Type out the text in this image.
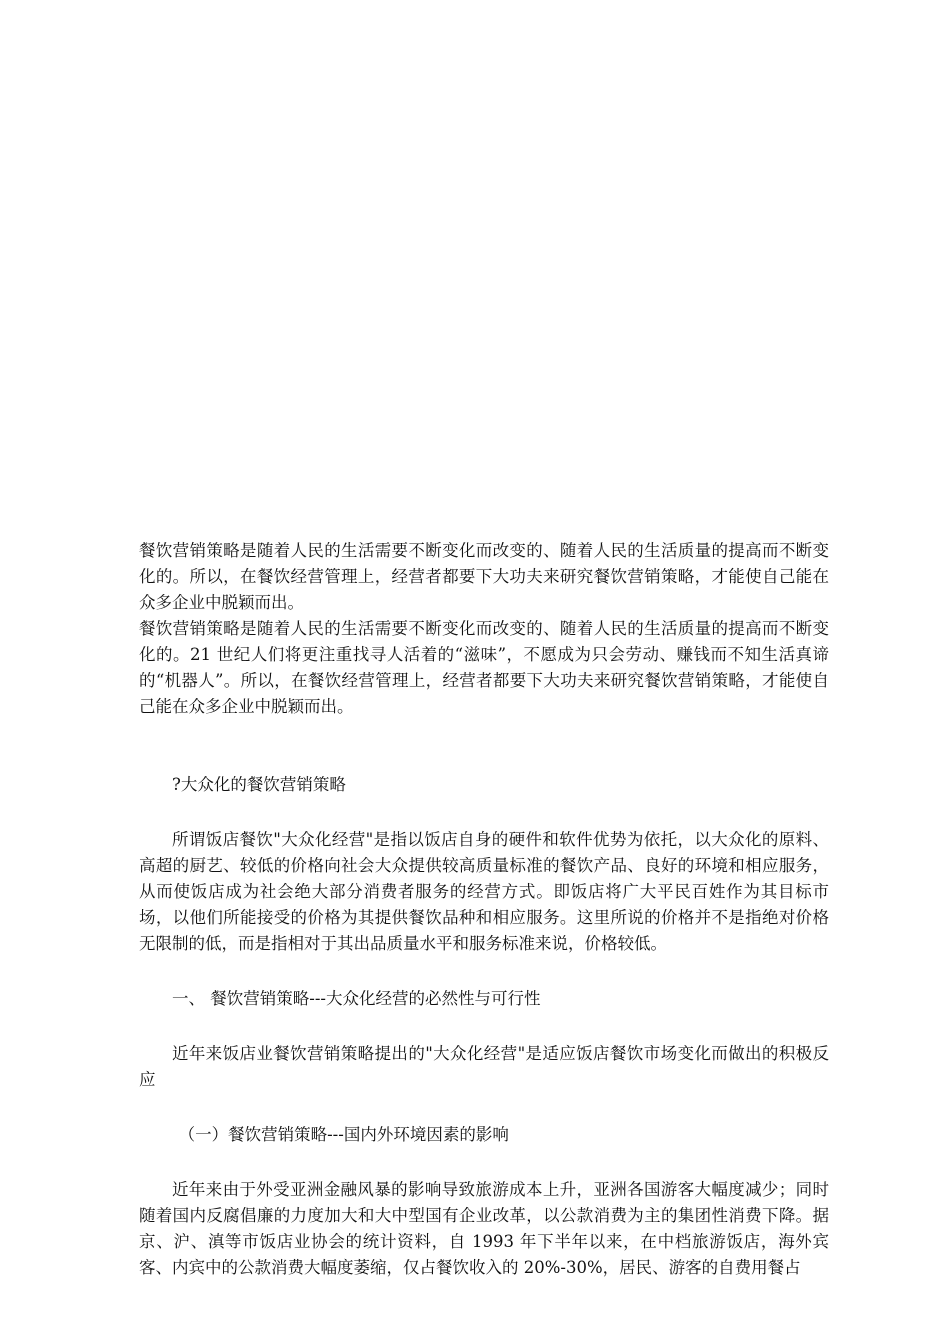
餐饮营销策略是随着人民的生活需要不断变化而改变的、随着人民的生活质量的提高而不断变化的。所以，在餐饮经营管理上，经营者都要下大功夫来研究餐饮营销策略，才能使自己能在众多企业中脱颖而出。

餐饮营销策略是随着人民的生活需要不断变化而改变的、随着人民的生活质量的提高而不断变化的。21 世纪人们将更注重找寻人活着的“滋味”，不愿成为只会劳动、赚钱而不知生活真谛的“机器人”。所以，在餐饮经营管理上，经营者都要下大功夫来研究餐饮营销策略，才能使自己能在众多企业中脱颖而出。

?大众化的餐饮营销策略

所谓饭店餐饮"大众化经营"是指以饭店自身的硬件和软件优势为依托，以大众化的原料、高超的厨艺、较低的价格向社会大众提供较高质量标准的餐饮产品、良好的环境和相应服务，从而使饭店成为社会绝大部分消费者服务的经营方式。即饭店将广大平民百姓作为其目标市场，以他们所能接受的价格为其提供餐饮品种和相应服务。这里所说的价格并不是指绝对价格无限制的低，而是指相对于其出品质量水平和服务标准来说，价格较低。

一、 餐饮营销策略---大众化经营的必然性与可行性

近年来饭店业餐饮营销策略提出的"大众化经营"是适应饭店餐饮市场变化而做出的积极反应

（一）餐饮营销策略---国内外环境因素的影响

近年来由于外受亚洲金融风暴的影响导致旅游成本上升，亚洲各国游客大幅度减少；同时随着国内反腐倡廉的力度加大和大中型国有企业改革，以公款消费为主的集团性消费下降。据京、沪、滇等市饭店业协会的统计资料，自 1993 年下半年以来，在中档旅游饭店，海外宾客、内宾中的公款消费大幅度萎缩，仅占餐饮收入的 20%-30%，居民、游客的自费用餐占
